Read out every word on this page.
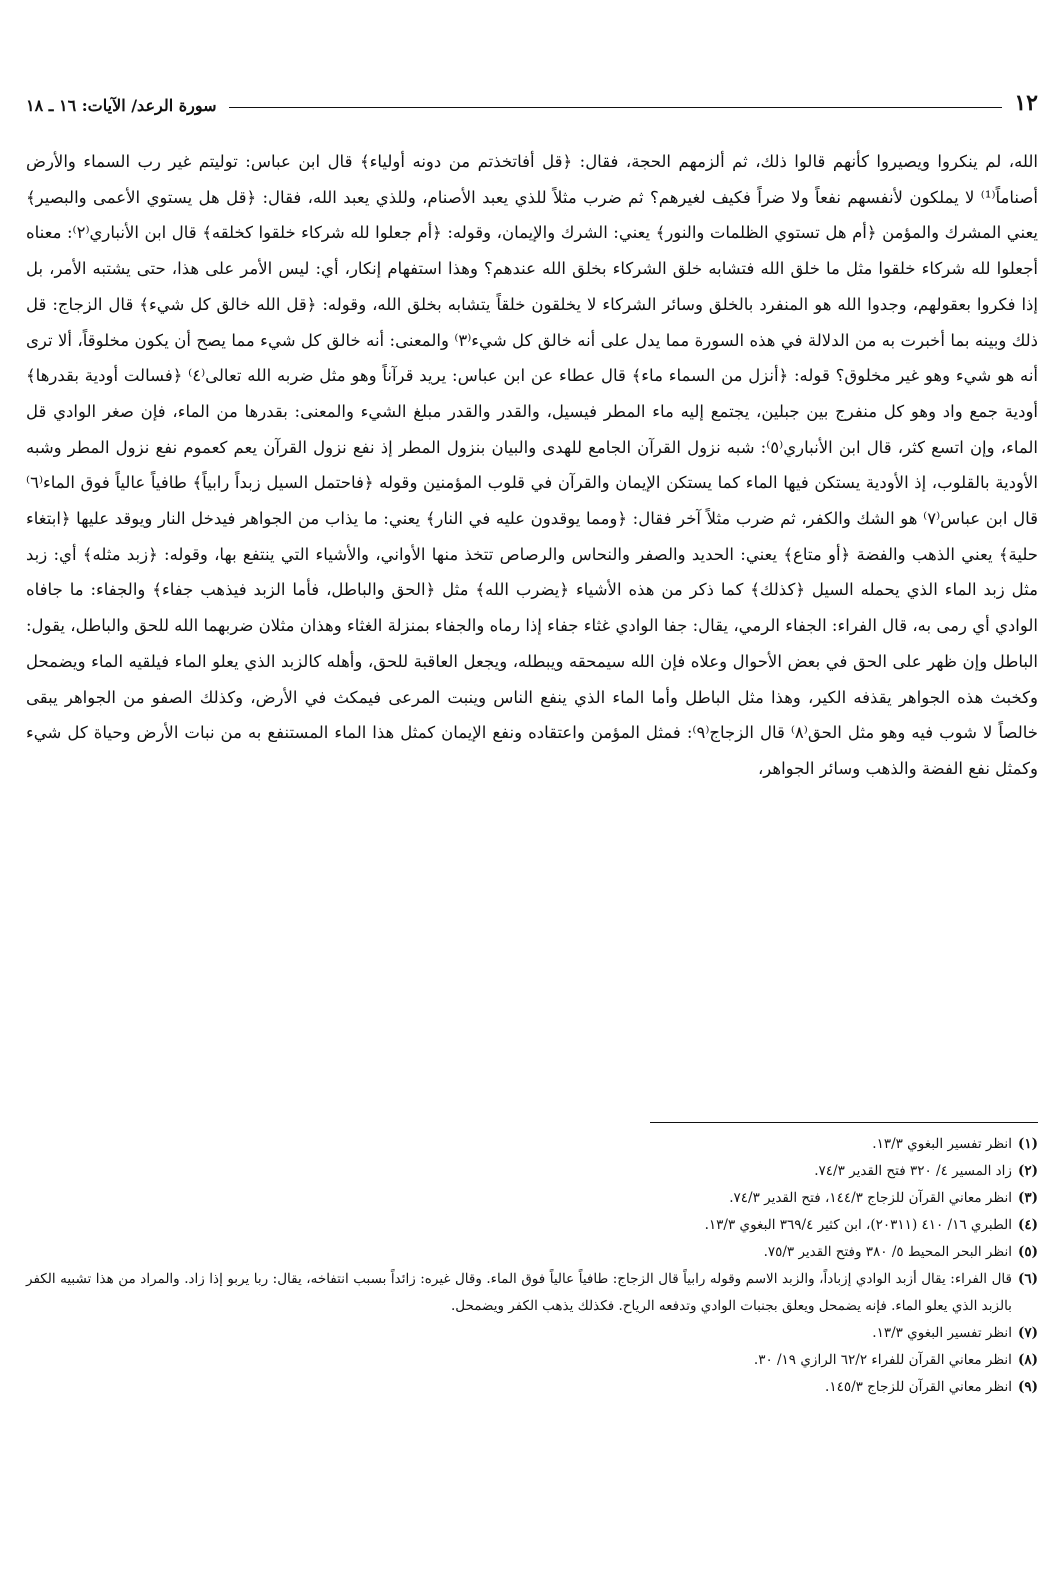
١٢
سورة الرعد/ الآيات: ١٦ ـ ١٨

الله، لم ينكروا ويصيروا كأنهم قالوا ذلك، ثم ألزمهم الحجة، فقال: ﴿قل أفاتخذتم من دونه أولياء﴾ قال ابن عباس: توليتم غير رب السماء والأرض أصناماً⁽¹⁾ لا يملكون لأنفسهم نفعاً ولا ضراً فكيف لغيرهم؟ ثم ضرب مثلاً للذي يعبد الأصنام، وللذي يعبد الله، فقال: ﴿قل هل يستوي الأعمى والبصير﴾ يعني المشرك والمؤمن ﴿أم هل تستوي الظلمات والنور﴾ يعني: الشرك والإيمان، وقوله: ﴿أم جعلوا لله شركاء خلقوا كخلقه﴾ قال ابن الأنباري⁽٢⁾: معناه أجعلوا لله شركاء خلقوا مثل ما خلق الله فتشابه خلق الشركاء بخلق الله عندهم؟ وهذا استفهام إنكار، أي: ليس الأمر على هذا، حتى يشتبه الأمر، بل إذا فكروا بعقولهم، وجدوا الله هو المنفرد بالخلق وسائر الشركاء لا يخلقون خلقاً يتشابه بخلق الله، وقوله: ﴿قل الله خالق كل شيء﴾ قال الزجاج: قل ذلك وبينه بما أخبرت به من الدلالة في هذه السورة مما يدل على أنه خالق كل شيء⁽٣⁾ والمعنى: أنه خالق كل شيء مما يصح أن يكون مخلوقاً، ألا ترى أنه هو شيء وهو غير مخلوق؟ قوله: ﴿أنزل من السماء ماء﴾ قال عطاء عن ابن عباس: يريد قرآناً وهو مثل ضربه الله تعالى⁽٤⁾ ﴿فسالت أودية بقدرها﴾ أودية جمع واد وهو كل منفرج بين جبلين، يجتمع إليه ماء المطر فيسيل، والقدر والقدر مبلغ الشيء والمعنى: بقدرها من الماء، فإن صغر الوادي قل الماء، وإن اتسع كثر، قال ابن الأنباري⁽٥⁾: شبه نزول القرآن الجامع للهدى والبيان بنزول المطر إذ نفع نزول القرآن يعم كعموم نفع نزول المطر وشبه الأودية بالقلوب، إذ الأودية يستكن فيها الماء كما يستكن الإيمان والقرآن في قلوب المؤمنين وقوله ﴿فاحتمل السيل زبداً رابياً﴾ طافياً عالياً فوق الماء⁽٦⁾ قال ابن عباس⁽٧⁾ هو الشك والكفر، ثم ضرب مثلاً آخر فقال: ﴿ومما يوقدون عليه في النار﴾ يعني: ما يذاب من الجواهر فيدخل النار ويوقد عليها ﴿ابتغاء حلية﴾ يعني الذهب والفضة ﴿أو متاع﴾ يعني: الحديد والصفر والنحاس والرصاص تتخذ منها الأواني، والأشياء التي ينتفع بها، وقوله: ﴿زبد مثله﴾ أي: زبد مثل زبد الماء الذي يحمله السيل ﴿كذلك﴾ كما ذكر من هذه الأشياء ﴿يضرب الله﴾ مثل ﴿الحق والباطل، فأما الزبد فيذهب جفاء﴾ والجفاء: ما جافاه الوادي أي رمى به، قال الفراء: الجفاء الرمي، يقال: جفا الوادي غثاء جفاء إذا رماه والجفاء بمنزلة الغثاء وهذان مثلان ضربهما الله للحق والباطل، يقول: الباطل وإن ظهر على الحق في بعض الأحوال وعلاه فإن الله سيمحقه ويبطله، ويجعل العاقبة للحق، وأهله كالزبد الذي يعلو الماء فيلقيه الماء ويضمحل وكخبث هذه الجواهر يقذفه الكير، وهذا مثل الباطل وأما الماء الذي ينفع الناس وينبت المرعى فيمكث في الأرض، وكذلك الصفو من الجواهر يبقى خالصاً لا شوب فيه وهو مثل الحق⁽٨⁾ قال الزجاج⁽٩⁾: فمثل المؤمن واعتقاده ونفع الإيمان كمثل هذا الماء المستنفع به من نبات الأرض وحياة كل شيء وكمثل نفع الفضة والذهب وسائر الجواهر،

(١)
انظر تفسير البغوي ١٣/٣.
(٢)
زاد المسير ٤/ ٣٢٠ فتح القدير ٧٤/٣.
(٣)
انظر معاني القرآن للزجاج ١٤٤/٣، فتح القدير ٧٤/٣.
(٤)
الطبري ١٦/ ٤١٠ (٢٠٣١١)، ابن كثير ٣٦٩/٤ البغوي ١٣/٣.
(٥)
انظر البحر المحيط ٥/ ٣٨٠ وفتح القدير ٧٥/٣.
(٦)
قال الفراء: يقال أزبد الوادي إزباداً، والزبد الاسم وقوله رابياً قال الزجاج: طافياً عالياً فوق الماء. وقال غيره: زائداً بسبب انتفاخه، يقال: ربا يربو إذا زاد. والمراد من هذا تشبيه الكفر بالزبد الذي يعلو الماء. فإنه يضمحل ويعلق بجنبات الوادي وتدفعه الرياح. فكذلك يذهب الكفر ويضمحل.
(٧)
انظر تفسير البغوي ١٣/٣.
(٨)
انظر معاني القرآن للفراء ٦٢/٢ الرازي ١٩/ ٣٠.
(٩)
انظر معاني القرآن للزجاج ١٤٥/٣.
